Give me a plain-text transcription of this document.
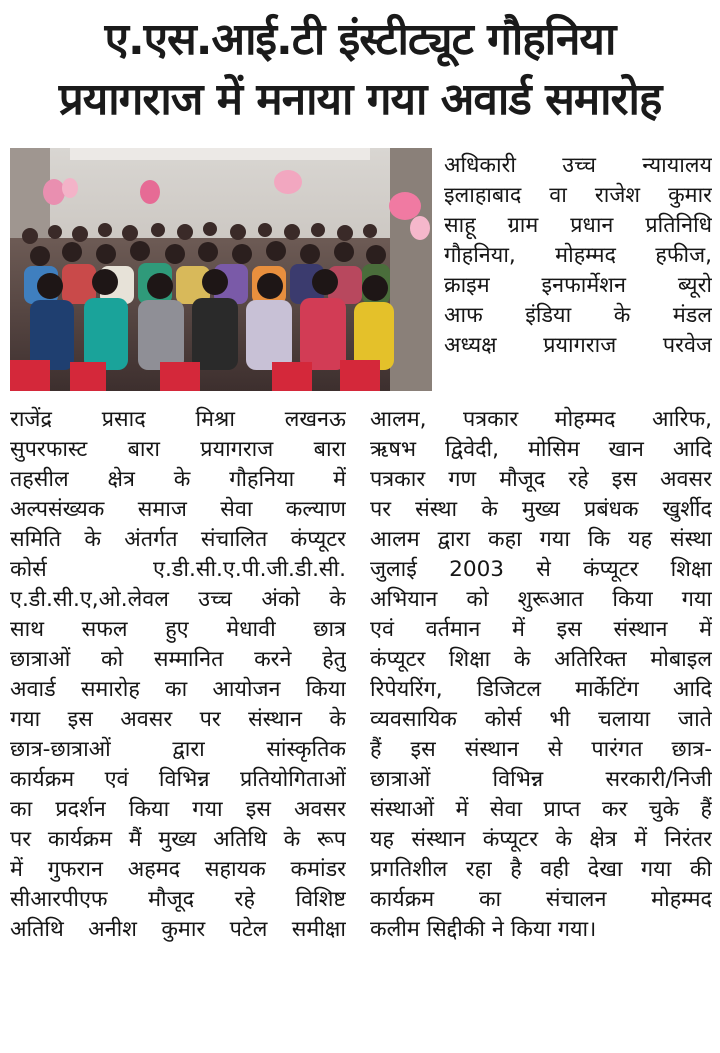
ए.एस.आई.टी इंस्टीट्यूट गौहनिया
प्रयागराज में मनाया गया अवार्ड समारोह
अधिकारी उच्च न्यायालय
इलाहाबाद वा राजेश कुमार
साहू ग्राम प्रधान प्रतिनिधि
गौहनिया, मोहम्मद हफीज,
क्राइम इनफार्मेशन ब्यूरो
आफ इंडिया के मंडल
अध्यक्ष प्रयागराज परवेज
राजेंद्र प्रसाद मिश्रा लखनऊ
सुपरफास्ट बारा प्रयागराज बारा
तहसील क्षेत्र के गौहनिया में
अल्पसंख्यक समाज सेवा कल्याण
समिति के अंतर्गत संचालित कंप्यूटर
कोर्स ए.डी.सी.ए.पी.जी.डी.सी.
ए.डी.सी.ए,ओ.लेवल उच्च अंको के
साथ सफल हुए मेधावी छात्र
छात्राओं को सम्मानित करने हेतु
अवार्ड समारोह का आयोजन किया
गया इस अवसर पर संस्थान के
छात्र-छात्राओं द्वारा सांस्कृतिक
कार्यक्रम एवं विभिन्न प्रतियोगिताओं
का प्रदर्शन किया गया इस अवसर
पर कार्यक्रम मैं मुख्य अतिथि के रूप
में गुफरान अहमद सहायक कमांडर
सीआरपीएफ मौजूद रहे विशिष्ट
अतिथि अनीश कुमार पटेल समीक्षा
आलम, पत्रकार मोहम्मद आरिफ,
ऋषभ द्विवेदी, मोसिम खान आदि
पत्रकार गण मौजूद रहे इस अवसर
पर संस्था के मुख्य प्रबंधक खुर्शीद
आलम द्वारा कहा गया कि यह संस्था
जुलाई 2003 से कंप्यूटर शिक्षा
अभियान को शुरूआत किया गया
एवं वर्तमान में इस संस्थान में
कंप्यूटर शिक्षा के अतिरिक्त मोबाइल
रिपेयरिंग, डिजिटल मार्केटिंग आदि
व्यवसायिक कोर्स भी चलाया जाते
हैं इस संस्थान से पारंगत छात्र-
छात्राओं विभिन्न सरकारी/निजी
संस्थाओं में सेवा प्राप्त कर चुके हैं
यह संस्थान कंप्यूटर के क्षेत्र में निरंतर
प्रगतिशील रहा है वही देखा गया की
कार्यक्रम का संचालन मोहम्मद
कलीम सिद्दीकी ने किया गया।
